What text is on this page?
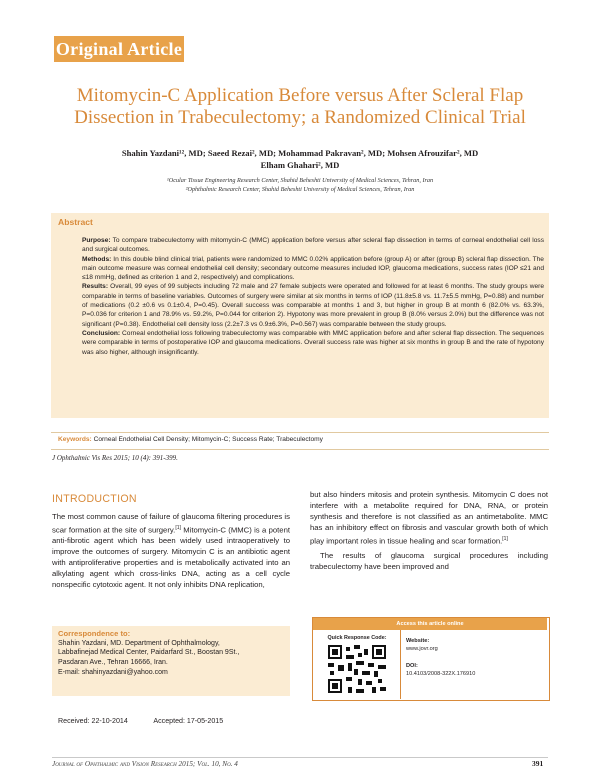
Original Article
Mitomycin-C Application Before versus After Scleral Flap Dissection in Trabeculectomy; a Randomized Clinical Trial
Shahin Yazdani¹², MD; Saeed Rezai², MD; Mohammad Pakravan², MD; Mohsen Afrouzifar², MD
Elham Ghahari², MD
¹Ocular Tissue Engineering Research Center, Shahid Beheshti University of Medical Sciences, Tehran, Iran
²Ophthalmic Research Center, Shahid Beheshti University of Medical Sciences, Tehran, Iran
Abstract

Purpose: To compare trabeculectomy with mitomycin-C (MMC) application before versus after scleral flap dissection in terms of corneal endothelial cell loss and surgical outcomes.

Methods: In this double blind clinical trial, patients were randomized to MMC 0.02% application before (group A) or after (group B) scleral flap dissection. The main outcome measure was corneal endothelial cell density; secondary outcome measures included IOP, glaucoma medications, success rates (IOP ≤21 and ≤18 mmHg, defined as criterion 1 and 2, respectively) and complications.

Results: Overall, 99 eyes of 99 subjects including 72 male and 27 female subjects were operated and followed for at least 6 months. The study groups were comparable in terms of baseline variables. Outcomes of surgery were similar at six months in terms of IOP (11.8±5.8 vs. 11.7±5.5 mmHg, P=0.88) and number of medications (0.2 ±0.6 vs 0.1±0.4, P=0.45). Overall success was comparable at months 1 and 3, but higher in group B at month 6 (82.0% vs. 63.3%, P=0.036 for criterion 1 and 78.9% vs. 59.2%, P=0.044 for criterion 2). Hypotony was more prevalent in group B (8.0% versus 2.0%) but the difference was not significant (P=0.38). Endothelial cell density loss (2.2±7.3 vs 0.9±6.3%, P=0.567) was comparable between the study groups.

Conclusion: Corneal endothelial loss following trabeculectomy was comparable with MMC application before and after scleral flap dissection. The sequences were comparable in terms of postoperative IOP and glaucoma medications. Overall success rate was higher at six months in group B and the rate of hypotony was also higher, although insignificantly.

Keywords: Corneal Endothelial Cell Density; Mitomycin-C; Success Rate; Trabeculectomy
J Ophthalmic Vis Res 2015; 10 (4): 391-399.
INTRODUCTION

The most common cause of failure of glaucoma filtering procedures is scar formation at the site of surgery.[1] Mitomycin-C (MMC) is a potent anti-fibrotic agent which has been widely used intraoperatively to improve the outcomes of surgery. Mitomycin C is an antibiotic agent with antiproliferative properties and is metabolically activated into an alkylating agent which cross-links DNA, acting as a cell cycle nonspecific cytotoxic agent. It not only inhibits DNA replication,

but also hinders mitosis and protein synthesis. Mitomycin C does not interfere with a metabolite required for DNA, RNA, or protein synthesis and therefore is not classified as an antimetabolite. MMC has an inhibitory effect on fibrosis and vascular growth both of which play important roles in tissue healing and scar formation.[1]

The results of glaucoma surgical procedures including trabeculectomy have been improved and

Correspondence to:
Shahin Yazdani, MD. Department of Ophthalmology,
Labbafinejad Medical Center, Paidarfard St., Boostan 9St.,
Pasdaran Ave., Tehran 16666, Iran.
E-mail: shahinyazdani@yahoo.com
Received: 22-10-2014	Accepted: 17-05-2015
Access this article online
Quick Response Code:	Website:
www.jovr.org
DOI:
10.4103/2008-322X.176910
Journal of Ophthalmic and Vision Research 2015; Vol. 10, No. 4	391
